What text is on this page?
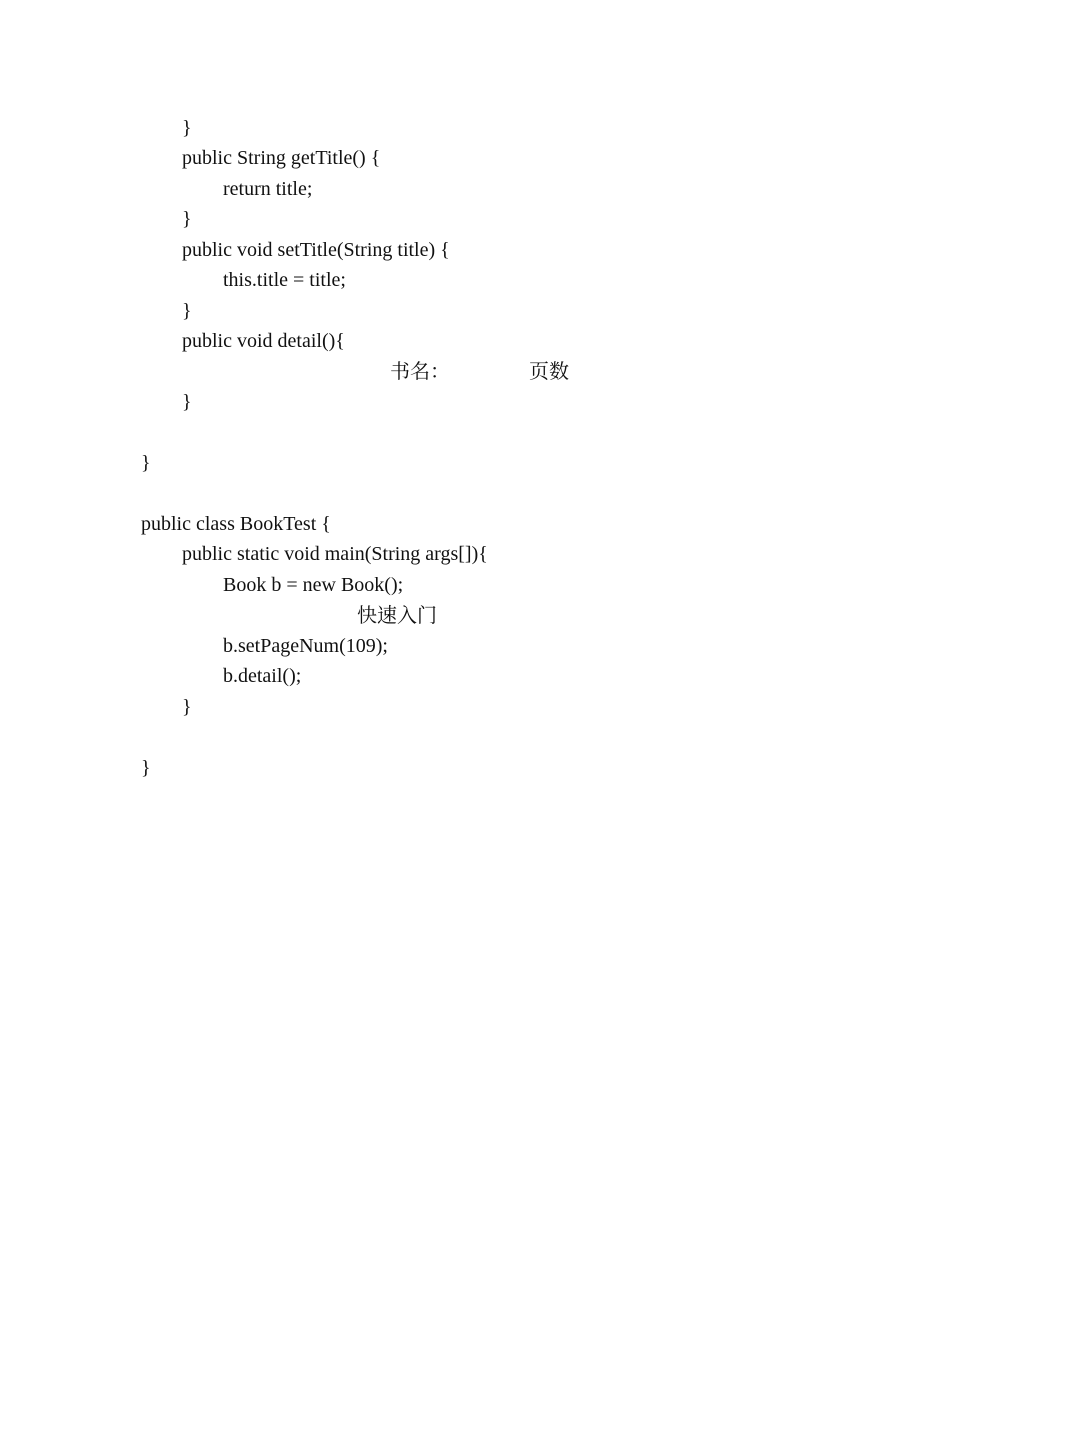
}
public String getTitle() {
return title;
}
public void setTitle(String title) {
this.title = title;
}
public void detail(){
书名：	页数
}
}
public class BookTest {
public static void main(String args[]){
Book b = new Book();
快速入门
b.setPageNum(109);
b.detail();
}
}
